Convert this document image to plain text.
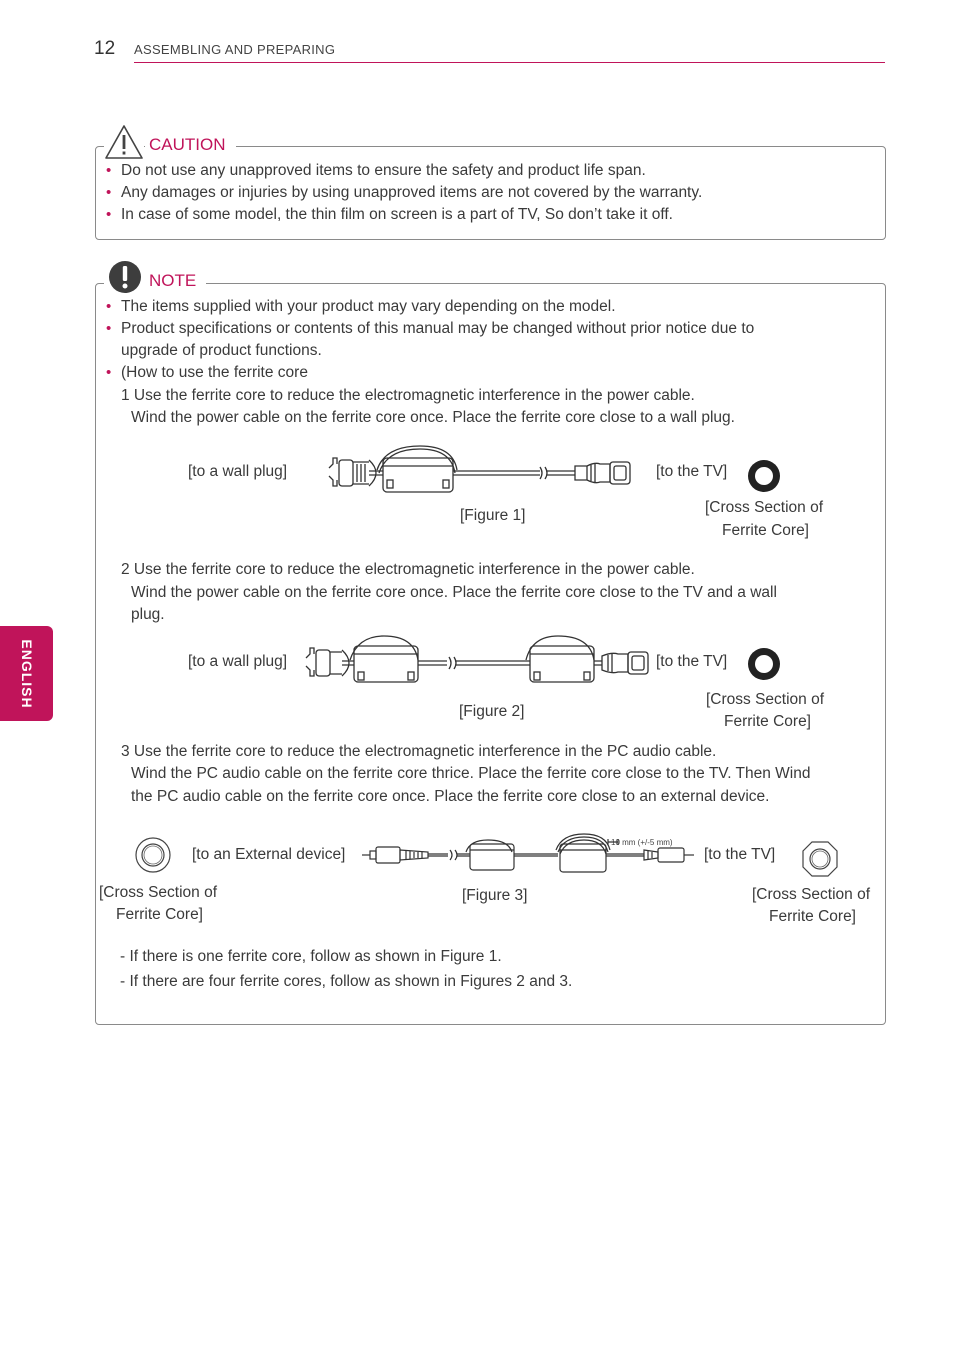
12 ASSEMBLING AND PREPARING
ENGLISH
CAUTION
• Do not use any unapproved items to ensure the safety and product life span.
• Any damages or injuries by using unapproved items are not covered by the warranty.
• In case of some model, the thin film on screen is a part of TV, So don’t take it off.
NOTE
• The items supplied with your product may vary depending on the model.
• Product specifications or contents of this manual may be changed without prior notice due to
upgrade of product functions.
• (How to use the ferrite core
1 Use the ferrite core to reduce the electromagnetic interference in the power cable.
Wind the power cable on the ferrite core once. Place the ferrite core close to a wall plug.
[to a wall plug]	[to the TV]
[Figure 1]	[Cross Section of
Ferrite Core]
2 Use the ferrite core to reduce the electromagnetic interference in the power cable.
Wind the power cable on the ferrite core once. Place the ferrite core close to the TV and a wall
plug.
[to a wall plug]	[to the TV]
[Figure 2]
[Cross Section of
Ferrite Core]
3 Use the ferrite core to reduce the electromagnetic interference in the PC audio cable.
Wind the PC audio cable on the ferrite core thrice. Place the ferrite core close to the TV. Then Wind
the PC audio cable on the ferrite core once. Place the ferrite core close to an external device.
[to an External device]	[to the TV]
[Figure 3]
10 mm (+/-5 mm)
[Cross Section of
Ferrite Core]
[Cross Section of
Ferrite Core]
- If there is one ferrite core, follow as shown in Figure 1.
- If there are four ferrite cores, follow as shown in Figures 2 and 3.
